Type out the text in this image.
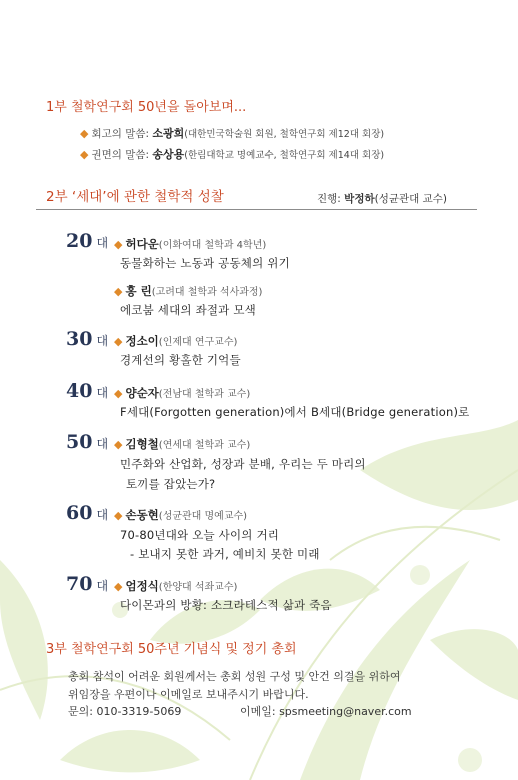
1부 철학연구회 50년을 돌아보며...
◆ 회고의 말씀: 소광희(대한민국학술원 회원, 철학연구회 제12대 회장)
◆ 권면의 말씀: 송상용(한림대학교 명예교수, 철학연구회 제14대 회장)
2부 ‘세대’에 관한 철학적 성찰	진행: 박정하(성균관대 교수)
20 대 ◆ 허다운(이화여대 철학과 4학년)
동물화하는 노동과 공동체의 위기
◆ 홍 린(고려대 철학과 석사과정)
에코붐 세대의 좌절과 모색
30 대 ◆ 정소이(인제대 연구교수)
경계선의 황홀한 기억들
40 대 ◆ 양순자(전남대 철학과 교수)
F세대(Forgotten generation)에서 B세대(Bridge generation)로
50 대 ◆ 김형철(연세대 철학과 교수)
민주화와 산업화, 성장과 분배, 우리는 두 마리의
토끼를 잡았는가?
60 대 ◆ 손동현(성균관대 명예교수)
70-80년대와 오늘 사이의 거리
- 보내지 못한 과거, 예비치 못한 미래
70 대 ◆ 엄정식(한양대 석좌교수)
다이몬과의 방황: 소크라테스적 삶과 죽음
3부 철학연구회 50주년 기념식 및 정기 총회
총회 참석이 어려운 회원께서는 총회 성원 구성 및 안건 의결을 위하여
위임장을 우편이나 이메일로 보내주시기 바랍니다.
문의: 010-3319-5069	이메일: spsmeeting@naver.com
